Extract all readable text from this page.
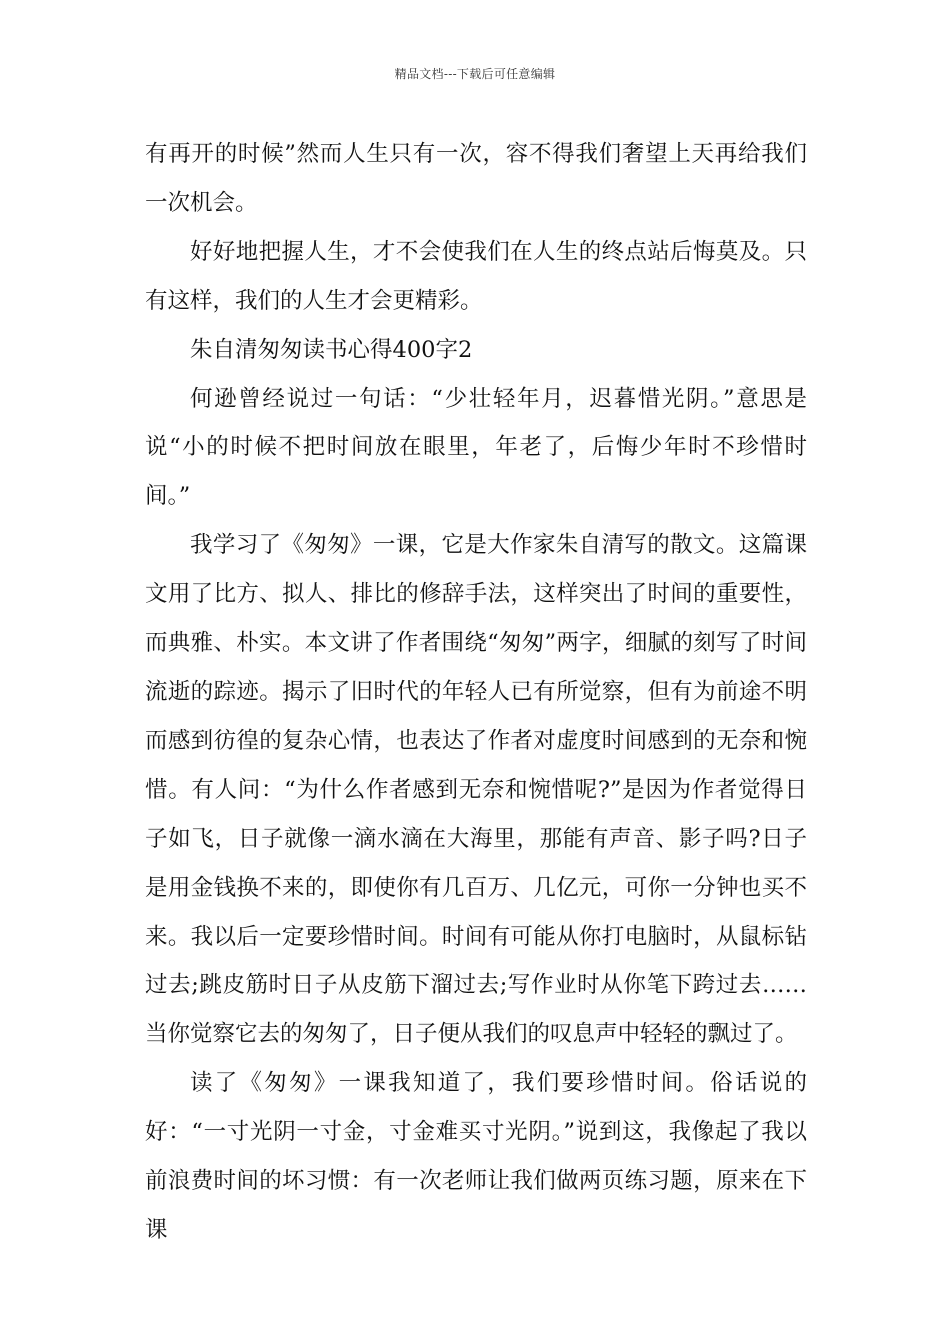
精品文档---下载后可任意编辑

有再开的时候”然而人生只有一次，容不得我们奢望上天再给我们一次机会。

好好地把握人生，才不会使我们在人生的终点站后悔莫及。只有这样，我们的人生才会更精彩。

朱自清匆匆读书心得400字2

何逊曾经说过一句话：“少壮轻年月，迟暮惜光阴。”意思是说“小的时候不把时间放在眼里，年老了，后悔少年时不珍惜时间。”

我学习了《匆匆》一课，它是大作家朱自清写的散文。这篇课文用了比方、拟人、排比的修辞手法，这样突出了时间的重要性，而典雅、朴实。本文讲了作者围绕“匆匆”两字，细腻的刻写了时间流逝的踪迹。揭示了旧时代的年轻人已有所觉察，但有为前途不明而感到彷徨的复杂心情，也表达了作者对虚度时间感到的无奈和惋惜。有人问：“为什么作者感到无奈和惋惜呢?”是因为作者觉得日子如飞，日子就像一滴水滴在大海里，那能有声音、影子吗?日子是用金钱换不来的，即使你有几百万、几亿元，可你一分钟也买不来。我以后一定要珍惜时间。时间有可能从你打电脑时，从鼠标钻过去;跳皮筋时日子从皮筋下溜过去;写作业时从你笔下跨过去……当你觉察它去的匆匆了，日子便从我们的叹息声中轻轻的飘过了。

读了《匆匆》一课我知道了，我们要珍惜时间。俗话说的好：“一寸光阴一寸金，寸金难买寸光阴。”说到这，我像起了我以前浪费时间的坏习惯：有一次老师让我们做两页练习题，原来在下课
